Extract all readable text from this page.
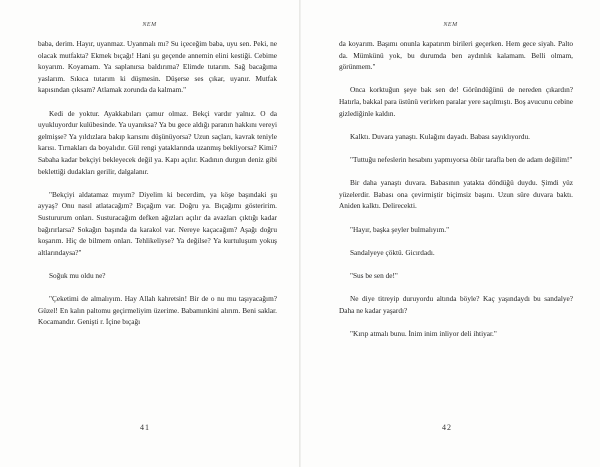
NEM

baba, derim. Hayır, uyanmaz. Uyanmalı mı? Su içeceğim baba, uyu sen. Peki, ne olacak mutfakta? Ekmek bıçağı! Hani şu geçende annemin elini kestiği. Cebime koyarım. Koyamam. Ya saplanırsa baldırıma? Elimde tutarım. Sağ bacağıma yaslarım. Sıkıca tutarım ki düşmesin. Düşerse ses çıkar, uyanır. Mutfak kapısından çıksam? Atlamak zorunda da kalmam."

Kedi de yoktur. Ayakkabıları çamur olmaz. Bekçi vardır yalnız. O da uyukluyordur kulübesinde. Ya uyanıksa? Ya bu gece aldığı paranın hakkını vereyi gelmişse? Ya yıldızlara bakıp karısını düşünüyorsa? Uzun saçları, kavrak teniyle karısı. Tırnakları da boyalıdır. Gül rengi yataklarında uzanmış bekliyorsa? Kimi? Sabaha kadar bekçiyi bekleyecek değil ya. Kapı açılır. Kadının durgun deniz gibi beklettiği dudakları gerilir, dalgalanır.

"Bekçiyi aldatamaz mıyım? Diyelim ki becerdim, ya köşe başındaki şu ayyaş? Onu nasıl atlatacağım? Bıçağım var. Doğru ya. Bıçağımı gösteririm. Sustururum onları. Susturacağım defken ağızları açılır da avazları çıktığı kadar bağırırlarsa? Sokağın başında da karakol var. Nereye kaçacağım? Aşağı doğru koşarım. Hiç de bilmem onları. Tehlikeliyse? Ya değilse? Ya kurtuluşum yokuş altlarındaysa?"

Soğuk mu oldu ne?

"Çeketimi de almalıyım. Hay Allah kahretsin! Bir de o nu mu taşıyacağım? Güzel! En kalın paltomu geçirmeliyim üzerime. Babamınkini alırım. Beni saklar. Kocamandır. Genişti r. İçine bıçağı

41
NEM

da koyarım. Başımı onunla kapatırım birileri geçerken. Hem gece siyah. Palto da. Mümkünü yok, bu durumda ben aydınlık kalamam. Belli olmam, görünmem."

Onca korktuğun şeye bak sen de! Göründüğünü de nereden çıkardın? Hatırla, bakkal para üstünü verirken paralar yere saçılmıştı. Boş avucunu cebine gizlediğinle kaldın.

Kalktı. Duvara yanaştı. Kulağını dayadı. Babası sayıklıyordu.

"Tuttuğu nefeslerin hesabını yapmıyorsa öbür tarafla ben de adam değilim!"

Bir daha yanaştı duvara. Babasının yatakta döndüğü duydu. Şimdi yüz yüzelerdir. Babası ona çevirmiştir biçimsiz başını. Uzun süre duvara baktı. Aniden kalktı. Delirecekti.

"Hayır, başka şeyler bulmalıyım."

Sandalyeye çöktü. Gicırdadı.

"Sus be sen de!"

Ne diye titreyip duruyordu altında böyle? Kaç yaşındaydı bu sandalye? Daha ne kadar yaşardı?

"Kırıp atmalı bunu. İnim inim inliyor deli ihtiyar."

42
